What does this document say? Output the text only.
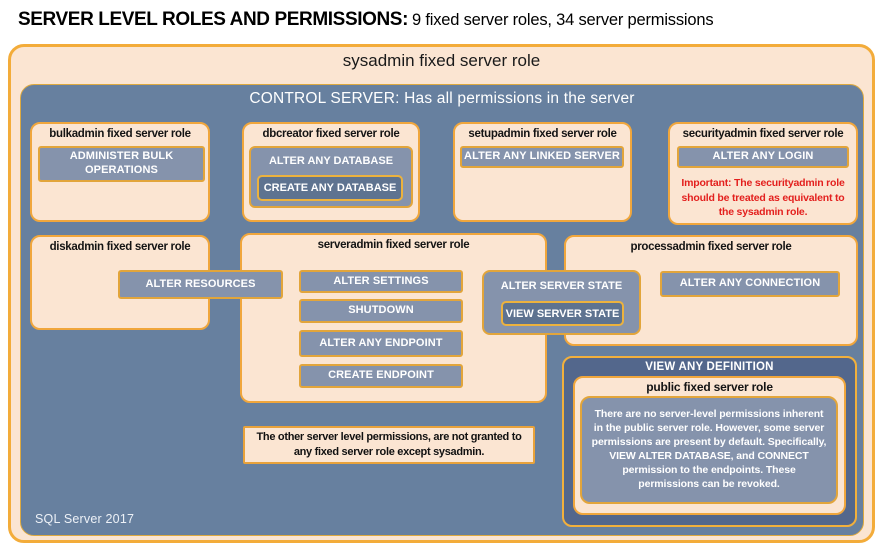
SERVER LEVEL ROLES AND PERMISSIONS: 9 fixed server roles, 34 server permissions
sysadmin fixed server role
CONTROL SERVER: Has all permissions in the server
bulkadmin fixed server role	dbcreator fixed server role	setupadmin fixed server role	securityadmin fixed server role
ADMINISTER BULK OPERATIONS
ALTER ANY DATABASE
CREATE ANY DATABASE
ALTER ANY LINKED SERVER	ALTER ANY LOGIN
Important: The securityadmin role should be treated as equivalent to the sysadmin role.
diskadmin fixed server role	serveradmin fixed server role	processadmin fixed server role
ALTER RESOURCES	ALTER SETTINGS
SHUTDOWN
ALTER ANY ENDPOINT
CREATE ENDPOINT
ALTER SERVER STATE
VIEW SERVER STATE
ALTER ANY CONNECTION
The other server level permissions, are not granted to any fixed server role except sysadmin.
VIEW ANY DEFINITION
public fixed server role
There are no server-level permissions inherent in the public server role. However, some server permissions are present by default. Specifically, VIEW ALTER DATABASE, and CONNECT permission to the endpoints. These permissions can be revoked.
SQL Server 2017
